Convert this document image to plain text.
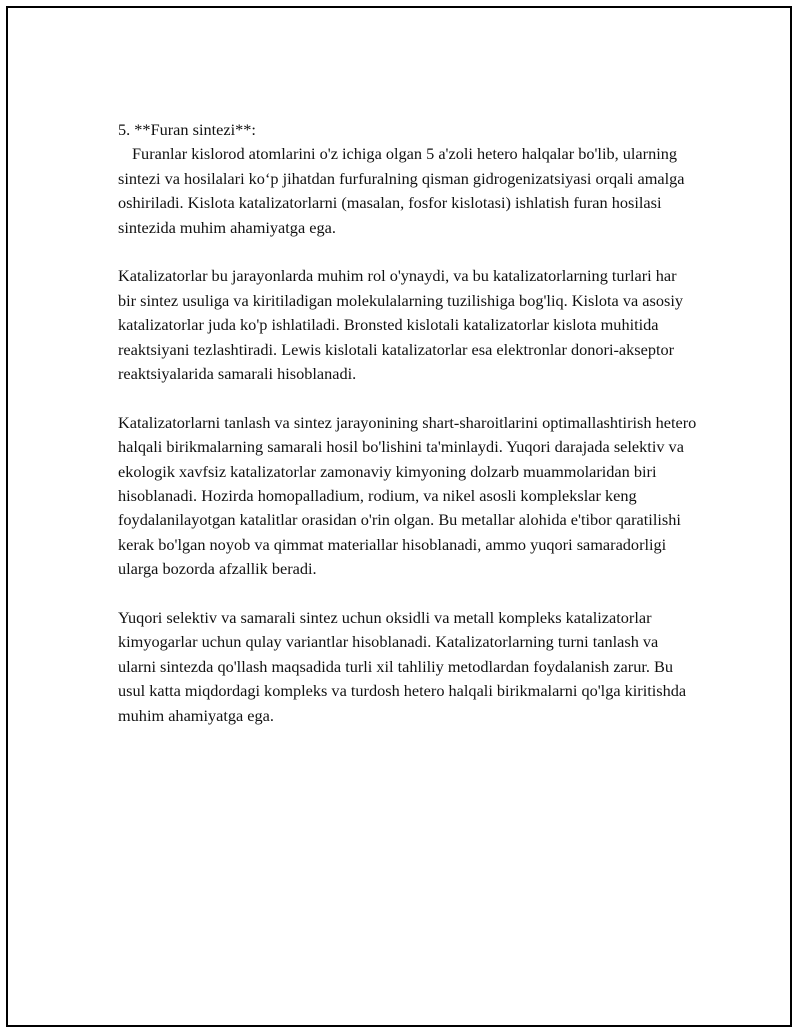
5. **Furan sintezi**:

Furanlar kislorod atomlarini o'z ichiga olgan 5 a'zoli hetero halqalar bo'lib, ularning sintezi va hosilalari ko‘p jihatdan furfuralning qisman gidrogenizatsiyasi orqali amalga oshiriladi. Kislota katalizatorlarni (masalan, fosfor kislotasi) ishlatish furan hosilasi sintezida muhim ahamiyatga ega.

Katalizatorlar bu jarayonlarda muhim rol o'ynaydi, va bu katalizatorlarning turlari har bir sintez usuliga va kiritiladigan molekulalarning tuzilishiga bog'liq. Kislota va asosiy katalizatorlar juda ko'p ishlatiladi. Bronsted kislotali katalizatorlar kislota muhitida reaktsiyani tezlashtiradi. Lewis kislotali katalizatorlar esa elektronlar donori-akseptor reaktsiyalarida samarali hisoblanadi.

Katalizatorlarni tanlash va sintez jarayonining shart-sharoitlarini optimallashtirish hetero halqali birikmalarning samarali hosil bo'lishini ta'minlaydi. Yuqori darajada selektiv va ekologik xavfsiz katalizatorlar zamonaviy kimyoning dolzarb muammolaridan biri hisoblanadi. Hozirda homopalladium, rodium, va nikel asosli komplekslar keng foydalanilayotgan katalitlar orasidan o'rin olgan. Bu metallar alohida e'tibor qaratilishi kerak bo'lgan noyob va qimmat materiallar hisoblanadi, ammo yuqori samaradorligi ularga bozorda afzallik beradi.

Yuqori selektiv va samarali sintez uchun oksidli va metall kompleks katalizatorlar kimyogarlar uchun qulay variantlar hisoblanadi. Katalizatorlarning turni tanlash va ularni sintezda qo'llash maqsadida turli xil tahliliy metodlardan foydalanish zarur. Bu usul katta miqdordagi kompleks va turdosh hetero halqali birikmalarni qo'lga kiritishda muhim ahamiyatga ega.
